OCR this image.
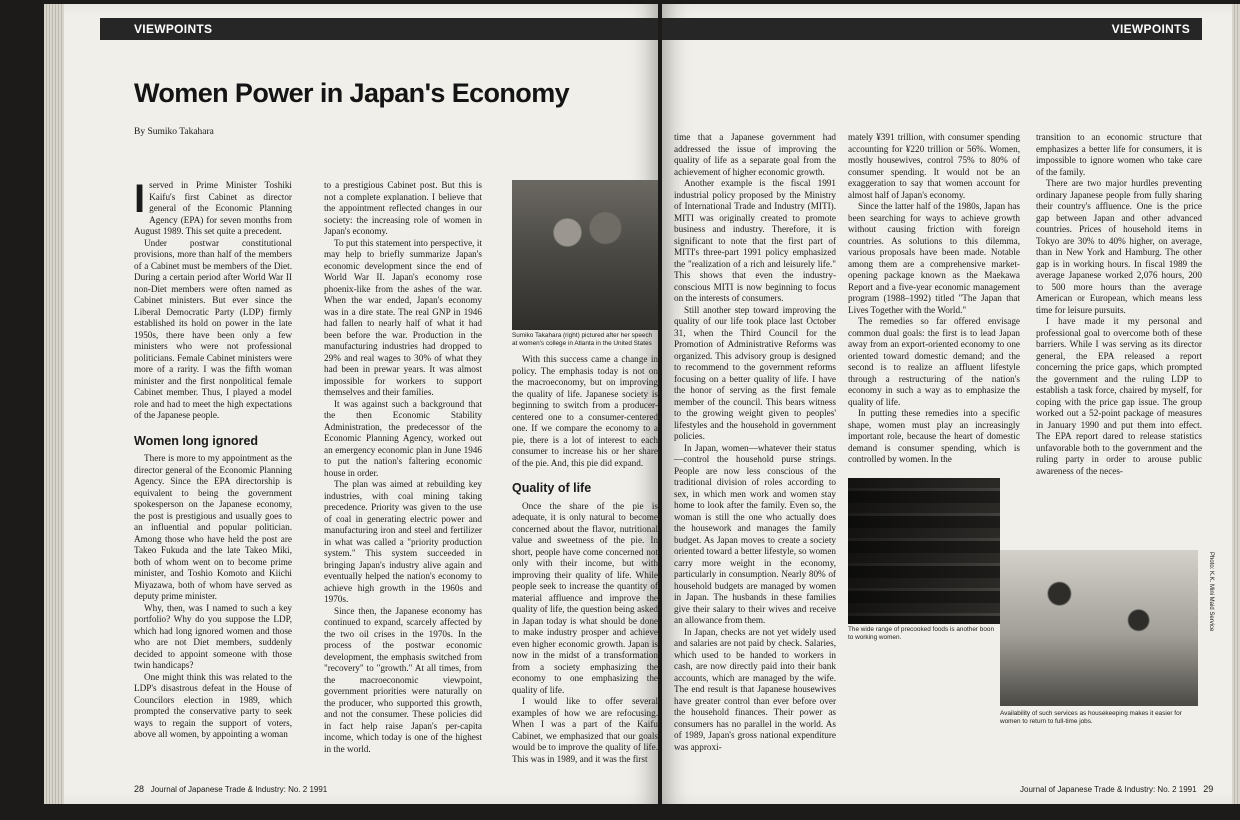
VIEWPOINTS
Women Power in Japan's Economy
By Sumiko Takahara

Iserved in Prime Minister Toshiki Kaifu's first Cabinet as director general of the Economic Planning Agency (EPA) for seven months from August 1989. This set quite a precedent.

Under postwar constitutional provisions, more than half of the members of a Cabinet must be members of the Diet. During a certain period after World War II non-Diet members were often named as Cabinet ministers. But ever since the Liberal Democratic Party (LDP) firmly established its hold on power in the late 1950s, there have been only a few ministers who were not professional politicians. Female Cabinet ministers were more of a rarity. I was the fifth woman minister and the first nonpolitical female Cabinet member. Thus, I played a model role and had to meet the high expectations of the Japanese people.

Women long ignored

There is more to my appointment as the director general of the Economic Planning Agency. Since the EPA directorship is equivalent to being the government spokesperson on the Japanese economy, the post is prestigious and usually goes to an influential and popular politician. Among those who have held the post are Takeo Fukuda and the late Takeo Miki, both of whom went on to become prime minister, and Toshio Komoto and Kiichi Miyazawa, both of whom have served as deputy prime minister.

Why, then, was I named to such a key portfolio? Why do you suppose the LDP, which had long ignored women and those who are not Diet members, suddenly decided to appoint someone with those twin handicaps?

One might think this was related to the LDP's disastrous defeat in the House of Councilors election in 1989, which prompted the conservative party to seek ways to regain the support of voters, above all women, by appointing a woman

to a prestigious Cabinet post. But this is not a complete explanation. I believe that the appointment reflected changes in our society: the increasing role of women in Japan's economy.

To put this statement into perspective, it may help to briefly summarize Japan's economic development since the end of World War II. Japan's economy rose phoenix-like from the ashes of the war. When the war ended, Japan's economy was in a dire state. The real GNP in 1946 had fallen to nearly half of what it had been before the war. Production in the manufacturing industries had dropped to 29% and real wages to 30% of what they had been in prewar years. It was almost impossible for workers to support themselves and their families.

It was against such a background that the then Economic Stability Administration, the predecessor of the Economic Planning Agency, worked out an emergency economic plan in June 1946 to put the nation's faltering economic house in order.

The plan was aimed at rebuilding key industries, with coal mining taking precedence. Priority was given to the use of coal in generating electric power and manufacturing iron and steel and fertilizer in what was called a "priority production system." This system succeeded in bringing Japan's industry alive again and eventually helped the nation's economy to achieve high growth in the 1960s and 1970s.

Since then, the Japanese economy has continued to expand, scarcely affected by the two oil crises in the 1970s. In the process of the postwar economic development, the emphasis switched from "recovery" to "growth." At all times, from the macroeconomic viewpoint, government priorities were naturally on the producer, who supported this growth, and not the consumer. These policies did in fact help raise Japan's per-capita income, which today is one of the highest in the world.

Sumiko Takahara (right) pictured after her speech at women's college in Atlanta in the United States

With this success came a change in policy. The emphasis today is not on the macroeconomy, but on improving the quality of life. Japanese society is beginning to switch from a producer-centered one to a consumer-centered one. If we compare the economy to a pie, there is a lot of interest to each consumer to increase his or her share of the pie. And, this pie did expand.

Quality of life

Once the share of the pie is adequate, it is only natural to become concerned about the flavor, nutritional value and sweetness of the pie. In short, people have come concerned not only with their income, but with improving their quality of life. While people seek to increase the quantity of material affluence and improve the quality of life, the question being asked in Japan today is what should be done to make industry prosper and achieve even higher economic growth. Japan is now in the midst of a transformation from a society emphasizing the economy to one emphasizing the quality of life.

I would like to offer several examples of how we are refocusing. When I was a part of the Kaifu Cabinet, we emphasized that our goals would be to improve the quality of life. This was in 1989, and it was the first

28 Journal of Japanese Trade & Industry: No. 2 1991
VIEWPOINTS

time that a Japanese government had addressed the issue of improving the quality of life as a separate goal from the achievement of higher economic growth.

Another example is the fiscal 1991 industrial policy proposed by the Ministry of International Trade and Industry (MITI). MITI was originally created to promote business and industry. Therefore, it is significant to note that the first part of MITI's three-part 1991 policy emphasized the "realization of a rich and leisurely life." This shows that even the industry-conscious MITI is now beginning to focus on the interests of consumers.

Still another step toward improving the quality of our life took place last October 31, when the Third Council for the Promotion of Administrative Reforms was organized. This advisory group is designed to recommend to the government reforms focusing on a better quality of life. I have the honor of serving as the first female member of the council. This bears witness to the growing weight given to peoples' lifestyles and the household in government policies.

In Japan, women—whatever their status—control the household purse strings. People are now less conscious of the traditional division of roles according to sex, in which men work and women stay home to look after the family. Even so, the woman is still the one who actually does the housework and manages the family budget. As Japan moves to create a society oriented toward a better lifestyle, so women carry more weight in the economy, particularly in consumption. Nearly 80% of household budgets are managed by women in Japan. The husbands in these families give their salary to their wives and receive an allowance from them.

In Japan, checks are not yet widely used and salaries are not paid by check. Salaries, which used to be handed to workers in cash, are now directly paid into their bank accounts, which are managed by the wife. The end result is that Japanese housewives have greater control than ever before over the household finances. Their power as consumers has no parallel in the world. As of 1989, Japan's gross national expenditure was approxi-

mately ¥391 trillion, with consumer spending accounting for ¥220 trillion or 56%. Women, mostly housewives, control 75% to 80% of consumer spending. It would not be an exaggeration to say that women account for almost half of Japan's economy.

Since the latter half of the 1980s, Japan has been searching for ways to achieve growth without causing friction with foreign countries. As solutions to this dilemma, various proposals have been made. Notable among them are a comprehensive market-opening package known as the Maekawa Report and a five-year economic management program (1988–1992) titled "The Japan that Lives Together with the World."

The remedies so far offered envisage common dual goals: the first is to lead Japan away from an export-oriented economy to one oriented toward domestic demand; and the second is to realize an affluent lifestyle through a restructuring of the nation's economy in such a way as to emphasize the quality of life.

In putting these remedies into a specific shape, women must play an increasingly important role, because the heart of domestic demand is consumer spending, which is controlled by women. In the

transition to an economic structure that emphasizes a better life for consumers, it is impossible to ignore women who take care of the family.

There are two major hurdles preventing ordinary Japanese people from fully sharing their country's affluence. One is the price gap between Japan and other advanced countries. Prices of household items in Tokyo are 30% to 40% higher, on average, than in New York and Hamburg. The other gap is in working hours. In fiscal 1989 the average Japanese worked 2,076 hours, 200 to 500 more hours than the average American or European, which means less time for leisure pursuits.

I have made it my personal and professional goal to overcome both of these barriers. While I was serving as its director general, the EPA released a report concerning the price gaps, which prompted the government and the ruling LDP to establish a task force, chaired by myself, for coping with the price gap issue. The group worked out a 52-point package of measures in January 1990 and put them into effect. The EPA report dared to release statistics unfavorable both to the government and the ruling party in order to arouse public awareness of the neces-

The wide range of precooked foods is another boon to working women.
Availability of such services as housekeeping makes it easier for women to return to full-time jobs.
Photo: K.K. Mini Maid Service
Journal of Japanese Trade & Industry: No. 2 1991 29
